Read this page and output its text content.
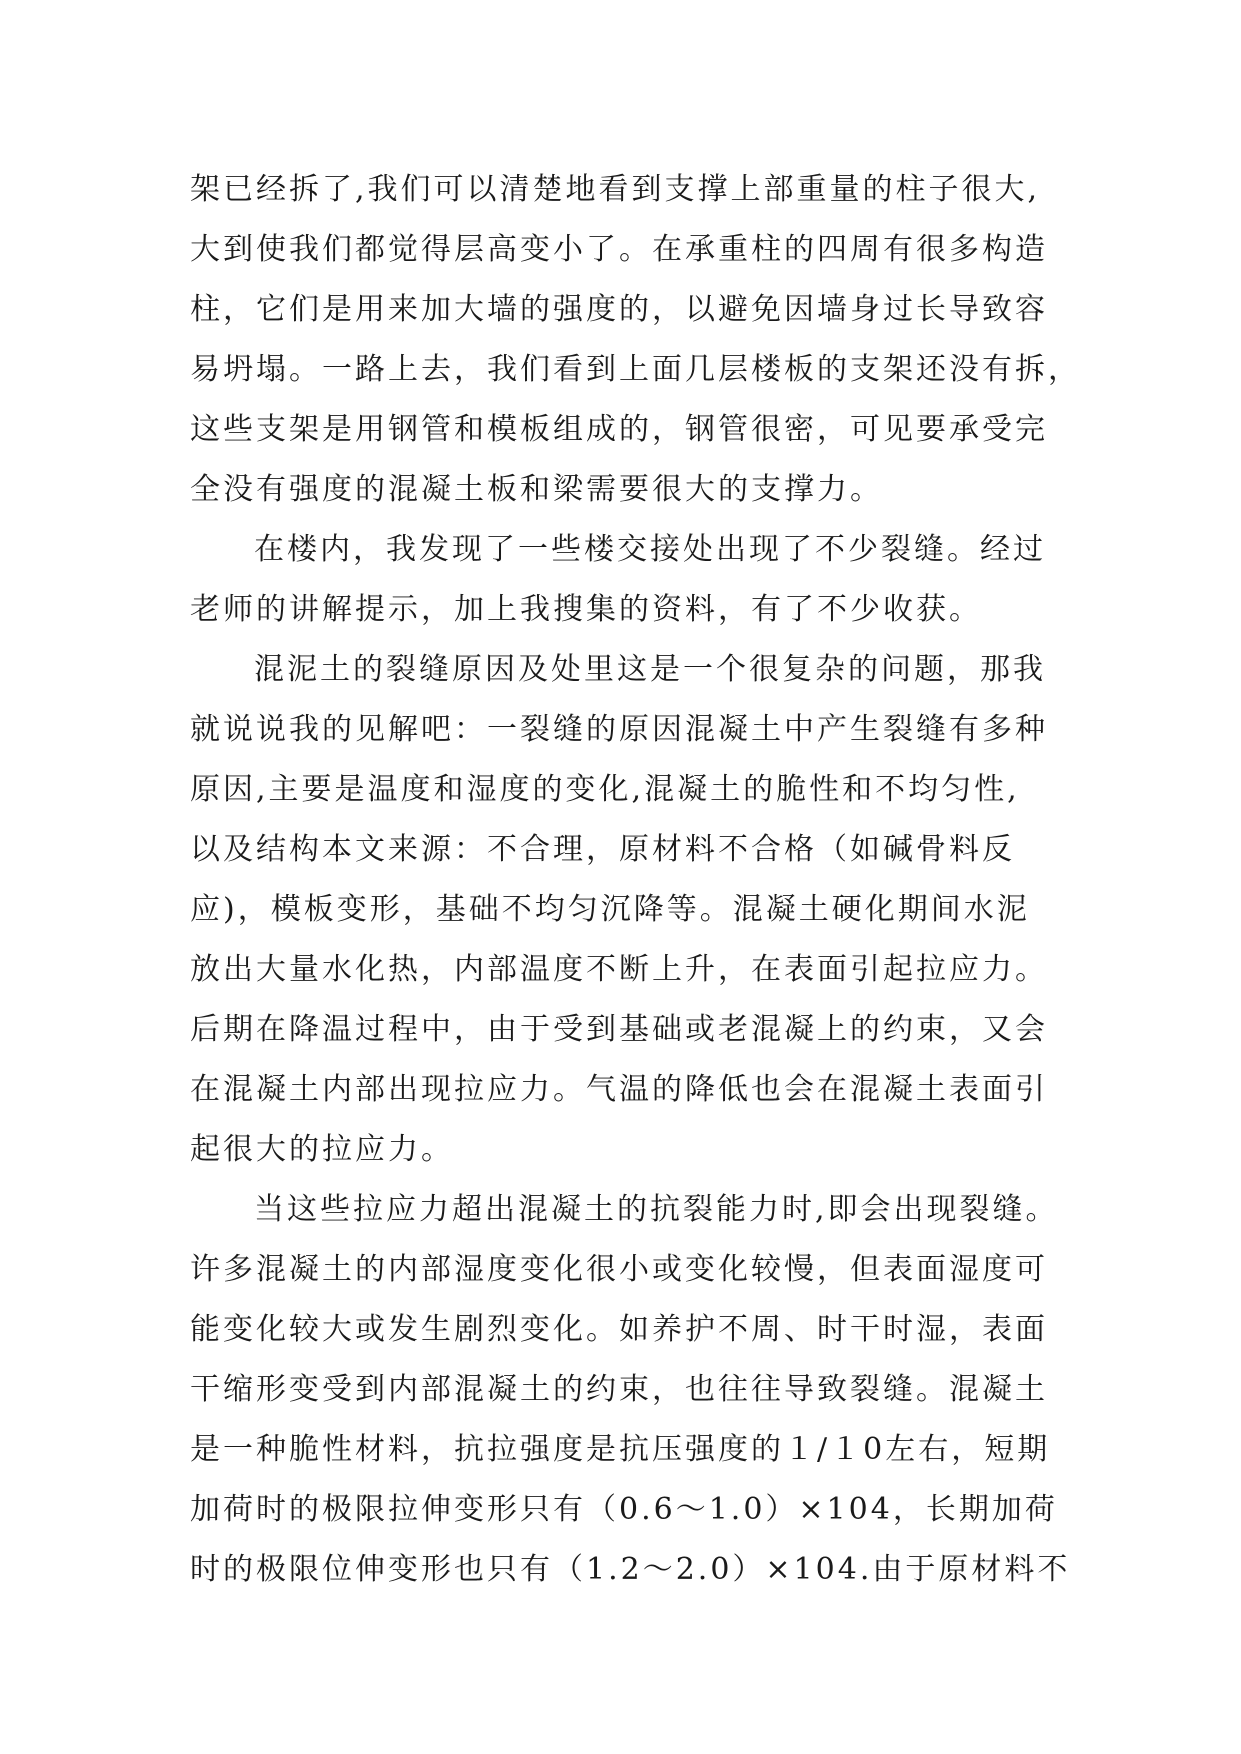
架已经拆了,我们可以清楚地看到支撑上部重量的柱子很大,
大到使我们都觉得层高变小了。在承重柱的四周有很多构造
柱，它们是用来加大墙的强度的，以避免因墙身过长导致容
易坍塌。一路上去，我们看到上面几层楼板的支架还没有拆，
这些支架是用钢管和模板组成的，钢管很密，可见要承受完
全没有强度的混凝土板和梁需要很大的支撑力。
在楼内，我发现了一些楼交接处出现了不少裂缝。经过
老师的讲解提示，加上我搜集的资料，有了不少收获。
混泥土的裂缝原因及处里这是一个很复杂的问题，那我
就说说我的见解吧：一裂缝的原因混凝土中产生裂缝有多种
原因,主要是温度和湿度的变化,混凝土的脆性和不均匀性,
以及结构本文来源：不合理，原材料不合格（如碱骨料反
应)，模板变形，基础不均匀沉降等。混凝土硬化期间水泥
放出大量水化热，内部温度不断上升，在表面引起拉应力。
后期在降温过程中，由于受到基础或老混凝上的约束，又会
在混凝土内部出现拉应力。气温的降低也会在混凝土表面引
起很大的拉应力。
当这些拉应力超出混凝土的抗裂能力时,即会出现裂缝。
许多混凝土的内部湿度变化很小或变化较慢，但表面湿度可
能变化较大或发生剧烈变化。如养护不周、时干时湿，表面
干缩形变受到内部混凝土的约束，也往往导致裂缝。混凝土
是一种脆性材料，抗拉强度是抗压强度的１/１0左右，短期
加荷时的极限拉伸变形只有（0.6～1.0）×104，长期加荷
时的极限位伸变形也只有（1.2～2.0）×104.由于原材料不
